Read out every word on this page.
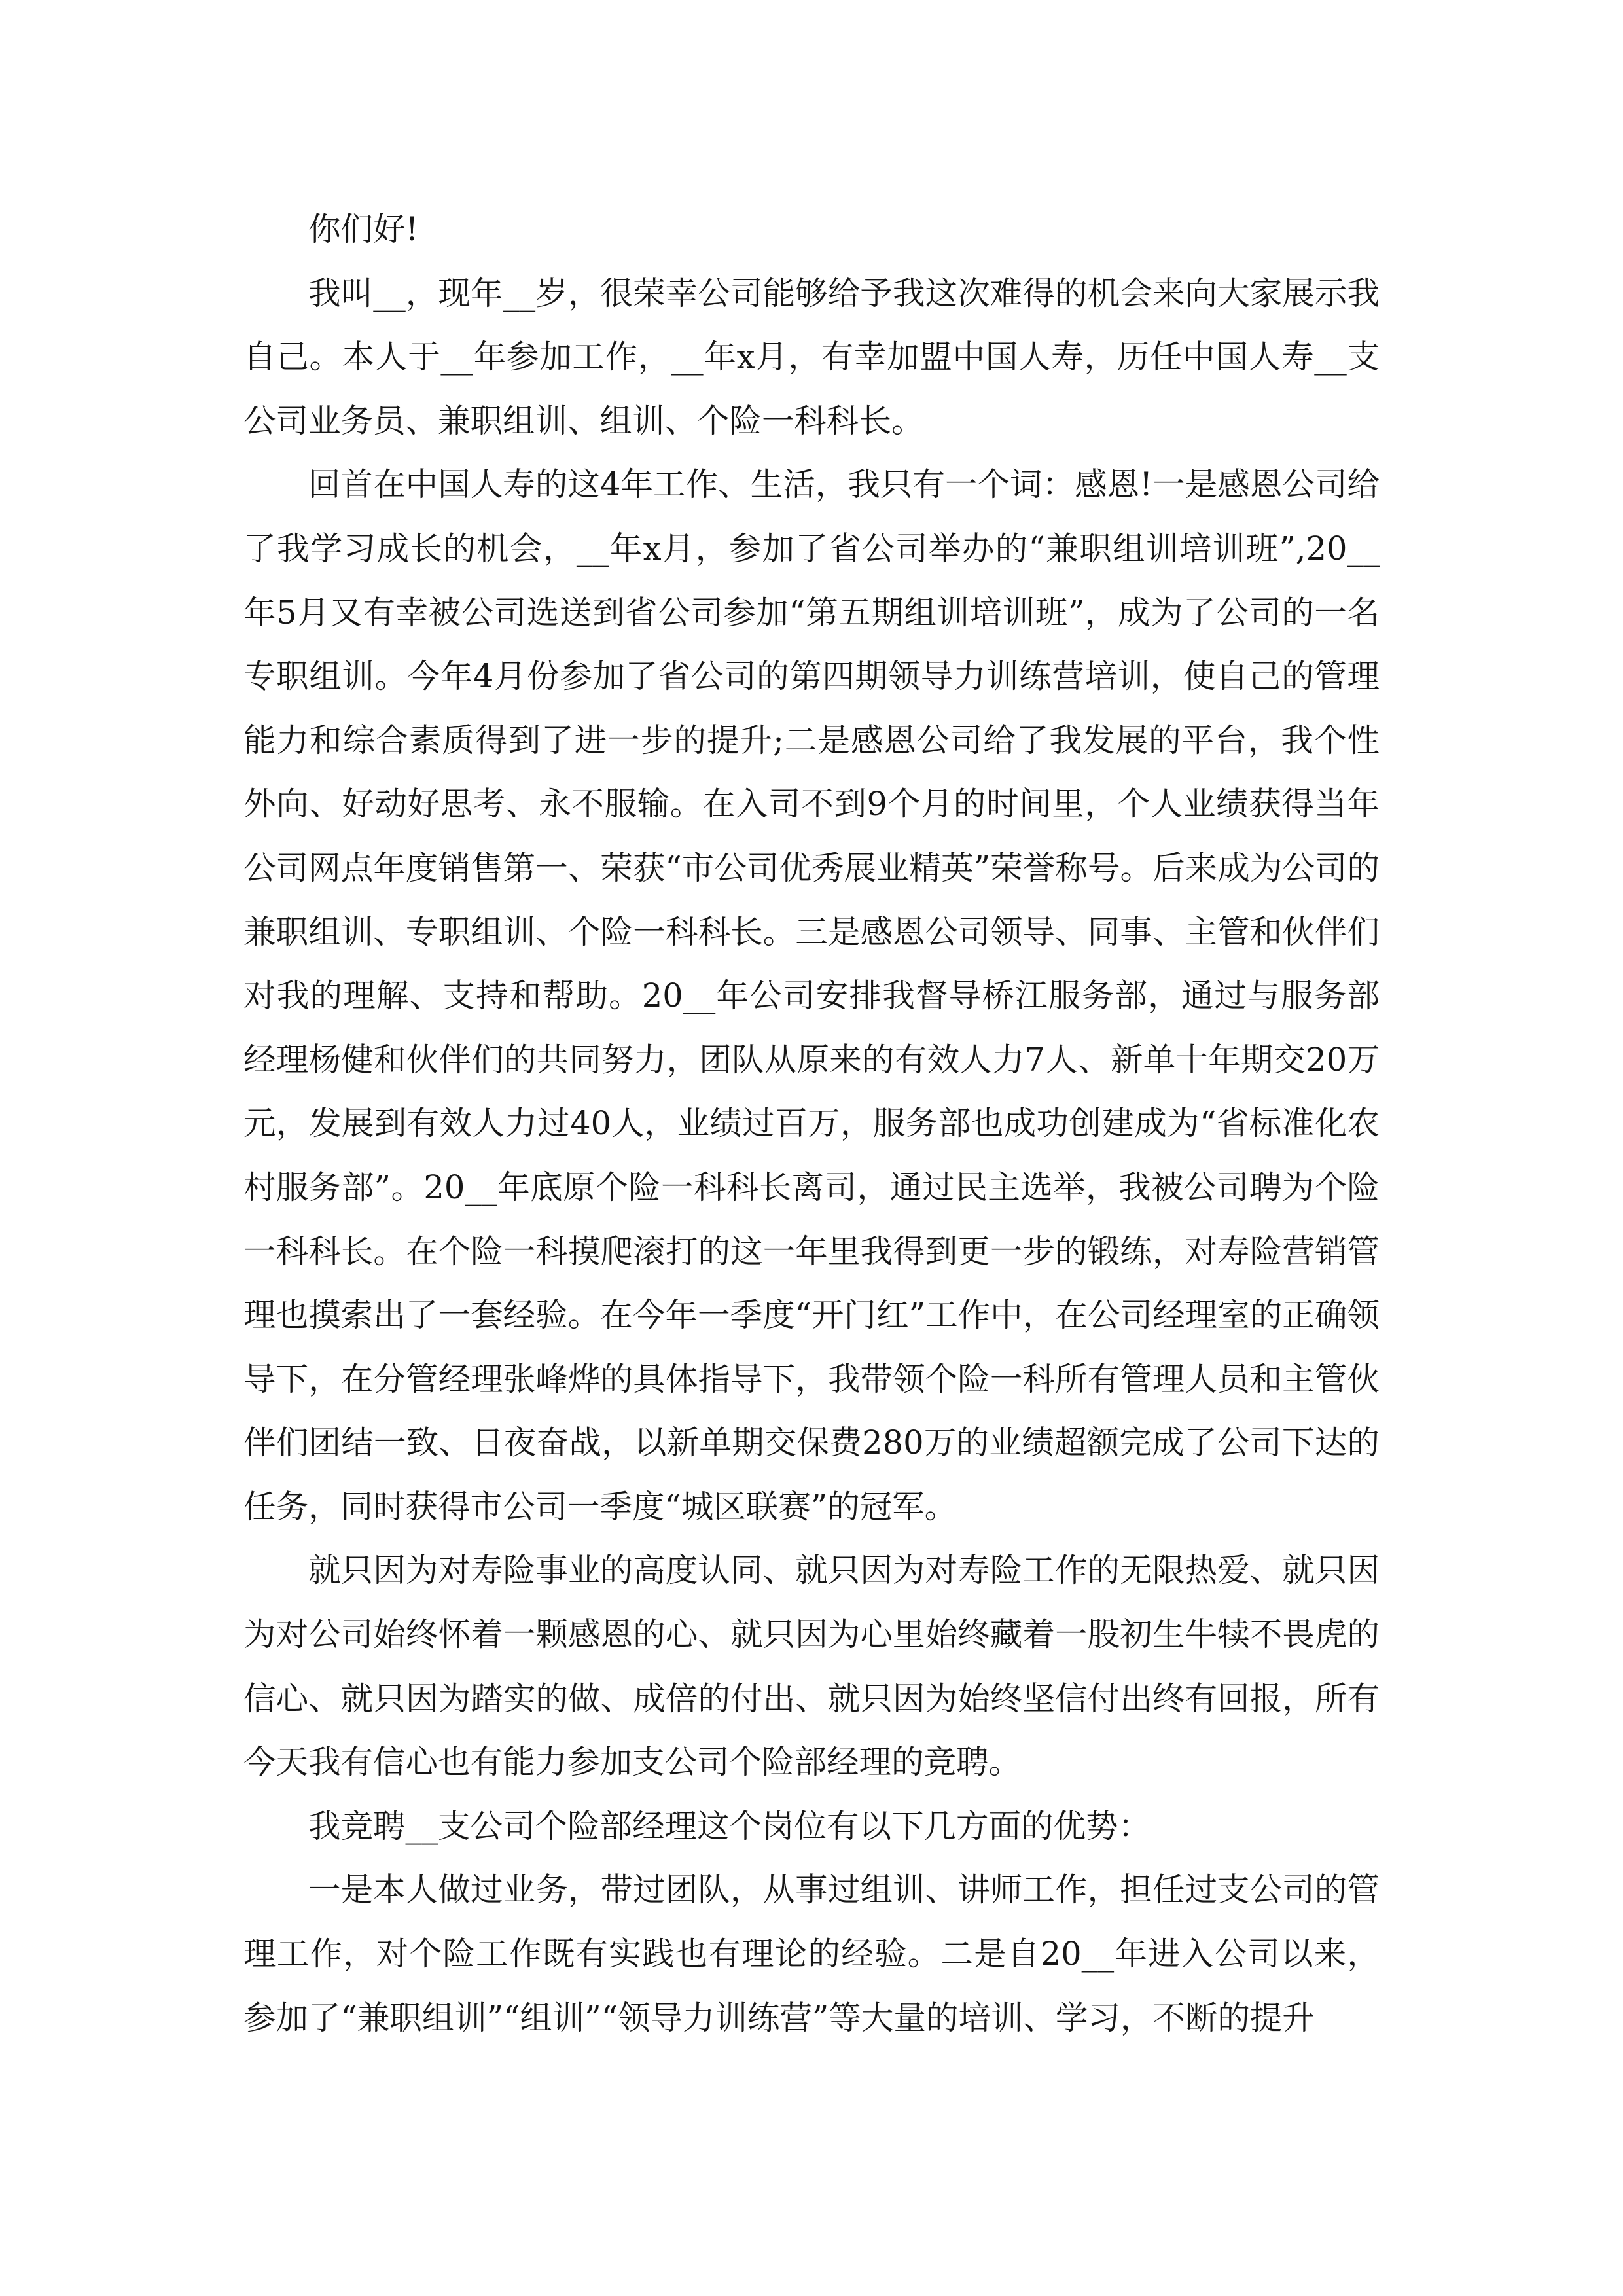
你们好!

我叫__，现年__岁，很荣幸公司能够给予我这次难得的机会来向大家展示我自己。本人于__年参加工作，__年x月，有幸加盟中国人寿，历任中国人寿__支公司业务员、兼职组训、组训、个险一科科长。

回首在中国人寿的这4年工作、生活，我只有一个词：感恩!一是感恩公司给了我学习成长的机会，__年x月，参加了省公司举办的“兼职组训培训班”,20__年5月又有幸被公司选送到省公司参加“第五期组训培训班”，成为了公司的一名专职组训。今年4月份参加了省公司的第四期领导力训练营培训，使自己的管理能力和综合素质得到了进一步的提升;二是感恩公司给了我发展的平台，我个性外向、好动好思考、永不服输。在入司不到9个月的时间里，个人业绩获得当年公司网点年度销售第一、荣获“市公司优秀展业精英”荣誉称号。后来成为公司的兼职组训、专职组训、个险一科科长。三是感恩公司领导、同事、主管和伙伴们对我的理解、支持和帮助。20__年公司安排我督导桥江服务部，通过与服务部经理杨健和伙伴们的共同努力，团队从原来的有效人力7人、新单十年期交20万元，发展到有效人力过40人，业绩过百万，服务部也成功创建成为“省标准化农村服务部”。20__年底原个险一科科长离司，通过民主选举，我被公司聘为个险一科科长。在个险一科摸爬滚打的这一年里我得到更一步的锻练，对寿险营销管理也摸索出了一套经验。在今年一季度“开门红”工作中，在公司经理室的正确领导下，在分管经理张峰烨的具体指导下，我带领个险一科所有管理人员和主管伙伴们团结一致、日夜奋战，以新单期交保费280万的业绩超额完成了公司下达的任务，同时获得市公司一季度“城区联赛”的冠军。

就只因为对寿险事业的高度认同、就只因为对寿险工作的无限热爱、就只因为对公司始终怀着一颗感恩的心、就只因为心里始终藏着一股初生牛犊不畏虎的信心、就只因为踏实的做、成倍的付出、就只因为始终坚信付出终有回报，所有今天我有信心也有能力参加支公司个险部经理的竞聘。

我竞聘__支公司个险部经理这个岗位有以下几方面的优势：

一是本人做过业务，带过团队，从事过组训、讲师工作，担任过支公司的管理工作，对个险工作既有实践也有理论的经验。二是自20__年进入公司以来，参加了“兼职组训”“组训”“领导力训练营”等大量的培训、学习，不断的提升
